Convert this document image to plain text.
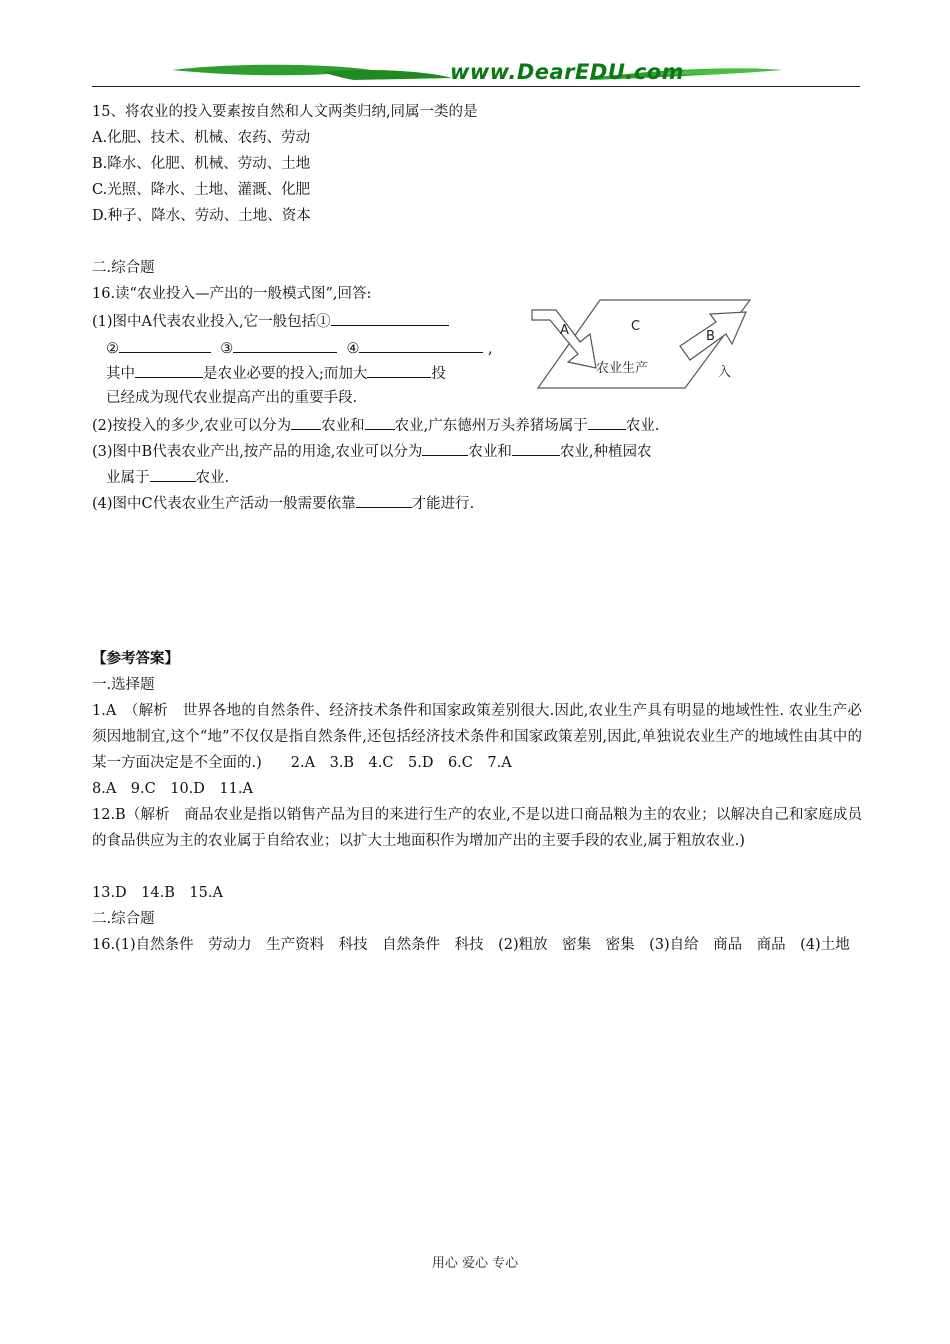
www.DearEDU.com
15、将农业的投入要素按自然和人文两类归纳,同属一类的是
A.化肥、技术、机械、农药、劳动
B.降水、化肥、机械、劳动、土地
C.光照、降水、土地、灌溉、化肥
D.种子、降水、劳动、土地、资本
二.综合题
16.读“农业投入—产出的一般模式图”,回答:
(1)图中A代表农业投入,它一般包括①
②	③	④	,
其中	是农业必要的投入;而加大	投
已经成为现代农业提高产出的重要手段.
(2)按投入的多少,农业可以分为 农业和 农业,广东德州万头养猪场属于	农业.
(3)图中B代表农业产出,按产品的用途,农业可以分为	农业和	农业,种植园农
业属于	农业.
(4)图中C代表农业生产活动一般需要依靠	才能进行.
A	C
B
农业生产	入
【参考答案】
一.选择题
1.A　（解析　世界各地的自然条件、经济技术条件和国家政策差别很大.因此,农业生产具有明显的地域性性. 农业生产必须因地制宜,这个“地”不仅仅是指自然条件,还包括经济技术条件和国家政策差别,因此,单独说农业生产的地域性由其中的某一方面决定是不全面的.)　　2.A　3.B　4.C　5.D　6.C　7.A
8.A　9.C　10.D　11.A
12.B（解析　商品农业是指以销售产品为目的来进行生产的农业,不是以进口商品粮为主的农业；以解决自己和家庭成员的食品供应为主的农业属于自给农业；以扩大土地面积作为增加产出的主要手段的农业,属于粗放农业.)
13.D　14.B　15.A
二.综合题
16.(1)自然条件　劳动力　生产资料　科技　自然条件　科技　(2)粗放　密集　密集　(3)自给　商品　商品　(4)土地
用心 爱心 专心
